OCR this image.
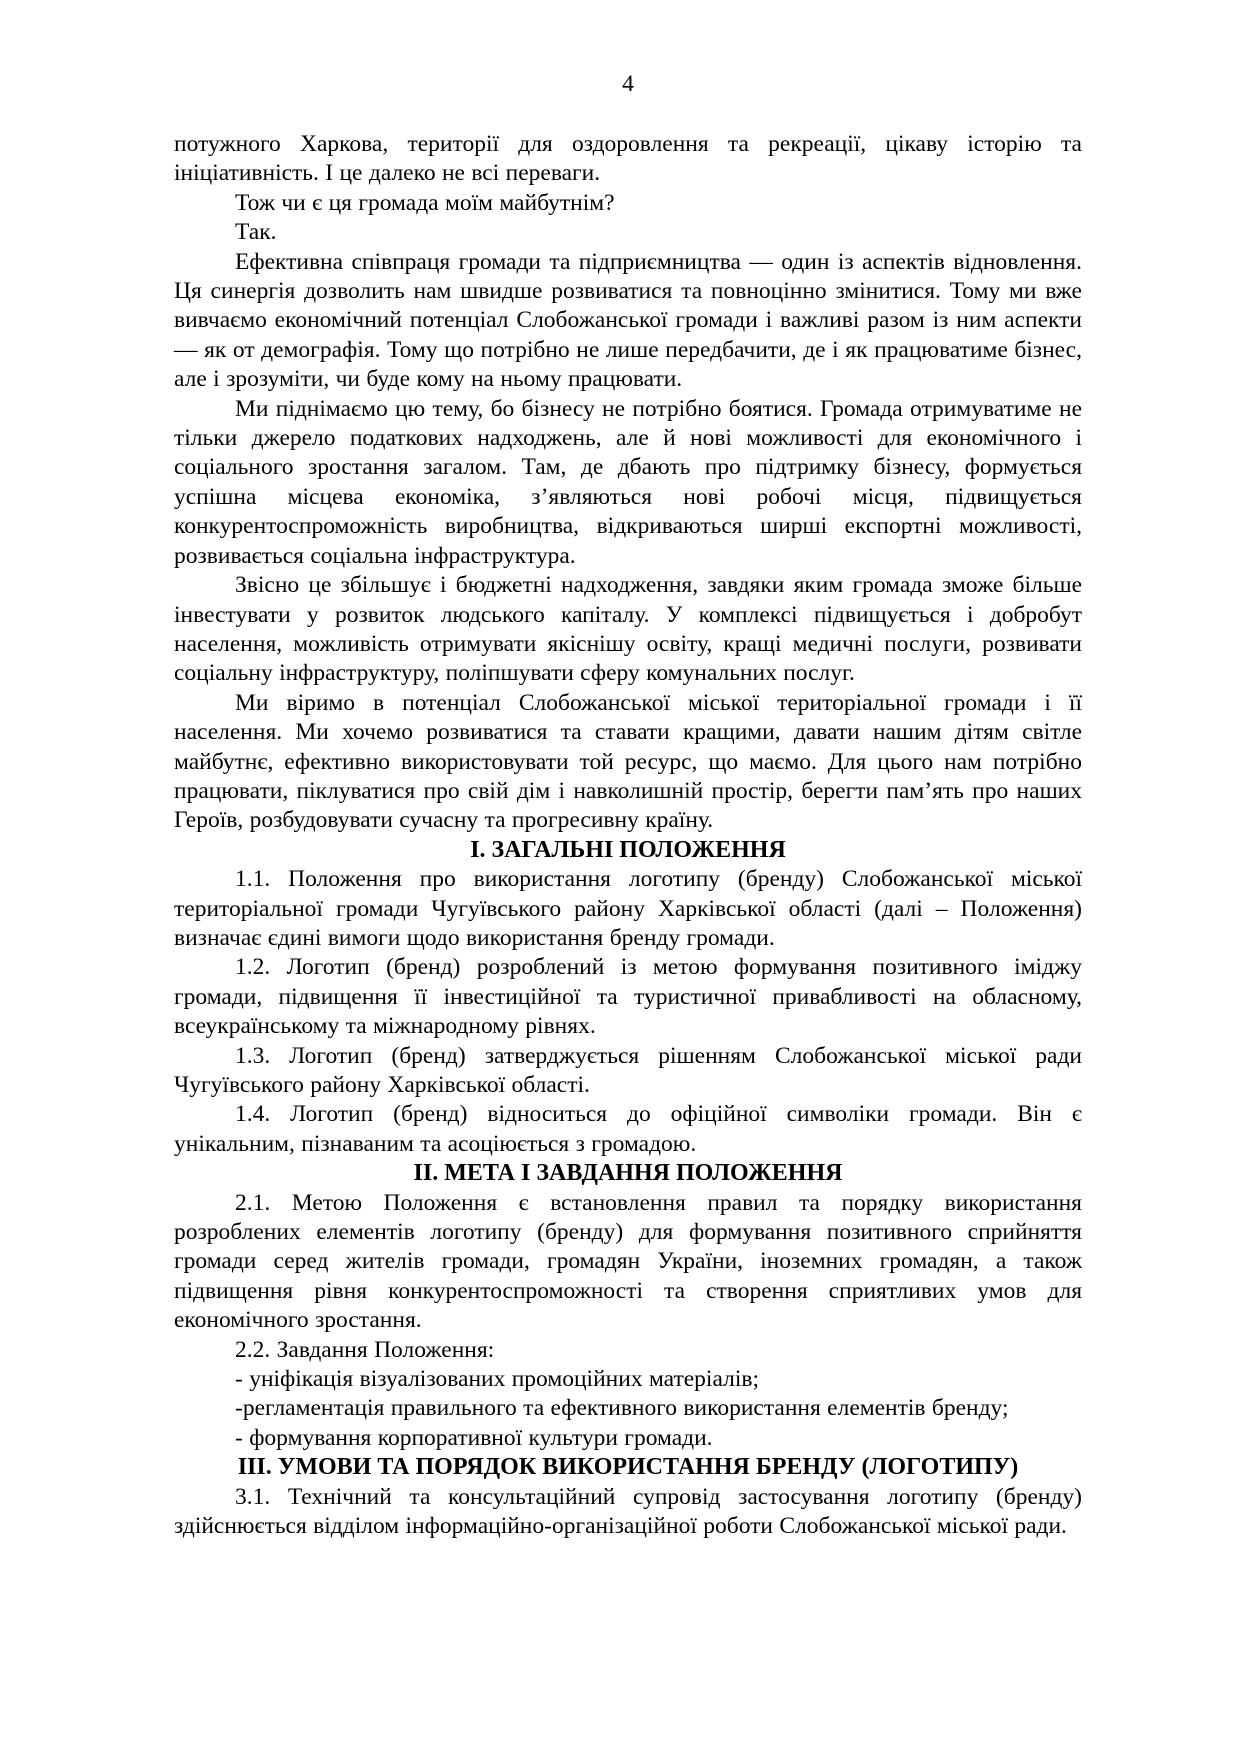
4

потужного Харкова, території для оздоровлення та рекреації, цікаву історію та ініціативність. І це далеко не всі переваги.

Тож чи є ця громада моїм майбутнім?

Так.

Ефективна співпраця громади та підприємництва — один із аспектів відновлення. Ця синергія дозволить нам швидше розвиватися та повноцінно змінитися. Тому ми вже вивчаємо економічний потенціал Слобожанської громади і важливі разом із ним аспекти — як от демографія. Тому що потрібно не лише передбачити, де і як працюватиме бізнес, але і зрозуміти, чи буде кому на ньому працювати.

Ми піднімаємо цю тему, бо бізнесу не потрібно боятися. Громада отримуватиме не тільки джерело податкових надходжень, але й нові можливості для економічного і соціального зростання загалом. Там, де дбають про підтримку бізнесу, формується успішна місцева економіка, з’являються нові робочі місця, підвищується конкурентоспроможність виробництва, відкриваються ширші експортні можливості, розвивається соціальна інфраструктура.

Звісно це збільшує і бюджетні надходження, завдяки яким громада зможе більше інвестувати у розвиток людського капіталу. У комплексі підвищується і добробут населення, можливість отримувати якіснішу освіту, кращі медичні послуги, розвивати соціальну інфраструктуру, поліпшувати сферу комунальних послуг.

Ми віримо в потенціал Слобожанської міської територіальної громади і її населення. Ми хочемо розвиватися та ставати кращими, давати нашим дітям світле майбутнє, ефективно використовувати той ресурс, що маємо. Для цього нам потрібно працювати, піклуватися про свій дім і навколишній простір, берегти пам’ять про наших Героїв, розбудовувати сучасну та прогресивну країну.

І. ЗАГАЛЬНІ ПОЛОЖЕННЯ

1.1. Положення про використання логотипу (бренду) Слобожанської міської територіальної громади Чугуївського району Харківської області (далі – Положення) визначає єдині вимоги щодо використання бренду громади.

1.2. Логотип (бренд) розроблений із метою формування позитивного іміджу громади, підвищення її інвестиційної та туристичної привабливості на обласному, всеукраїнському та міжнародному рівнях.

1.3. Логотип (бренд) затверджується рішенням Слобожанської міської ради Чугуївського району Харківської області.

1.4. Логотип (бренд) відноситься до офіційної символіки громади. Він є унікальним, пізнаваним та асоціюється з громадою.

ІІ. МЕТА І ЗАВДАННЯ ПОЛОЖЕННЯ

2.1. Метою Положення є встановлення правил та порядку використання розроблених елементів логотипу (бренду) для формування позитивного сприйняття громади серед жителів громади, громадян України, іноземних громадян, а також підвищення рівня конкурентоспроможності та створення сприятливих умов для економічного зростання.

2.2. Завдання Положення:

- уніфікація візуалізованих промоційних матеріалів;

-регламентація правильного та ефективного використання елементів бренду;

- формування корпоративної культури громади.

ІІІ. УМОВИ ТА ПОРЯДОК ВИКОРИСТАННЯ БРЕНДУ (ЛОГОТИПУ)

3.1. Технічний та консультаційний супровід застосування логотипу (бренду) здійснюється відділом інформаційно-організаційної роботи Слобожанської міської ради.
